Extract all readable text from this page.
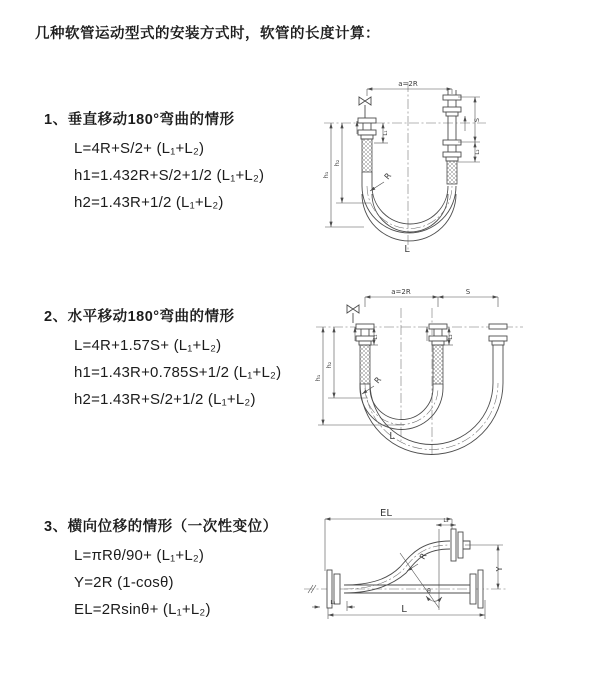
几种软管运动型式的安装方式时，软管的长度计算：
1、垂直移动180°弯曲的情形
L=4R+S/2+ (L₁+L₂)
h1=1.432R+S/2+1/2 (L₁+L₂)
h2=1.43R+1/2 (L₁+L₂)
2、水平移动180°弯曲的情形
L=4R+1.57S+ (L₁+L₂)
h1=1.43R+0.785S+1/2 (L₁+L₂)
h2=1.43R+S/2+1/2 (L₁+L₂)
3、横向位移的情形（一次性变位）
L=πRθ/90+ (L₁+L₂)
Y=2R (1-cosθ)
EL=2Rsinθ+ (L₁+L₂)
a=2R
S
L₂
L₁
h₁
h₂
R
L
a=2R	S
L₁	L₂
h₁
h₂
R
L
EL
L₂
Y
θ
R
L
L₁
